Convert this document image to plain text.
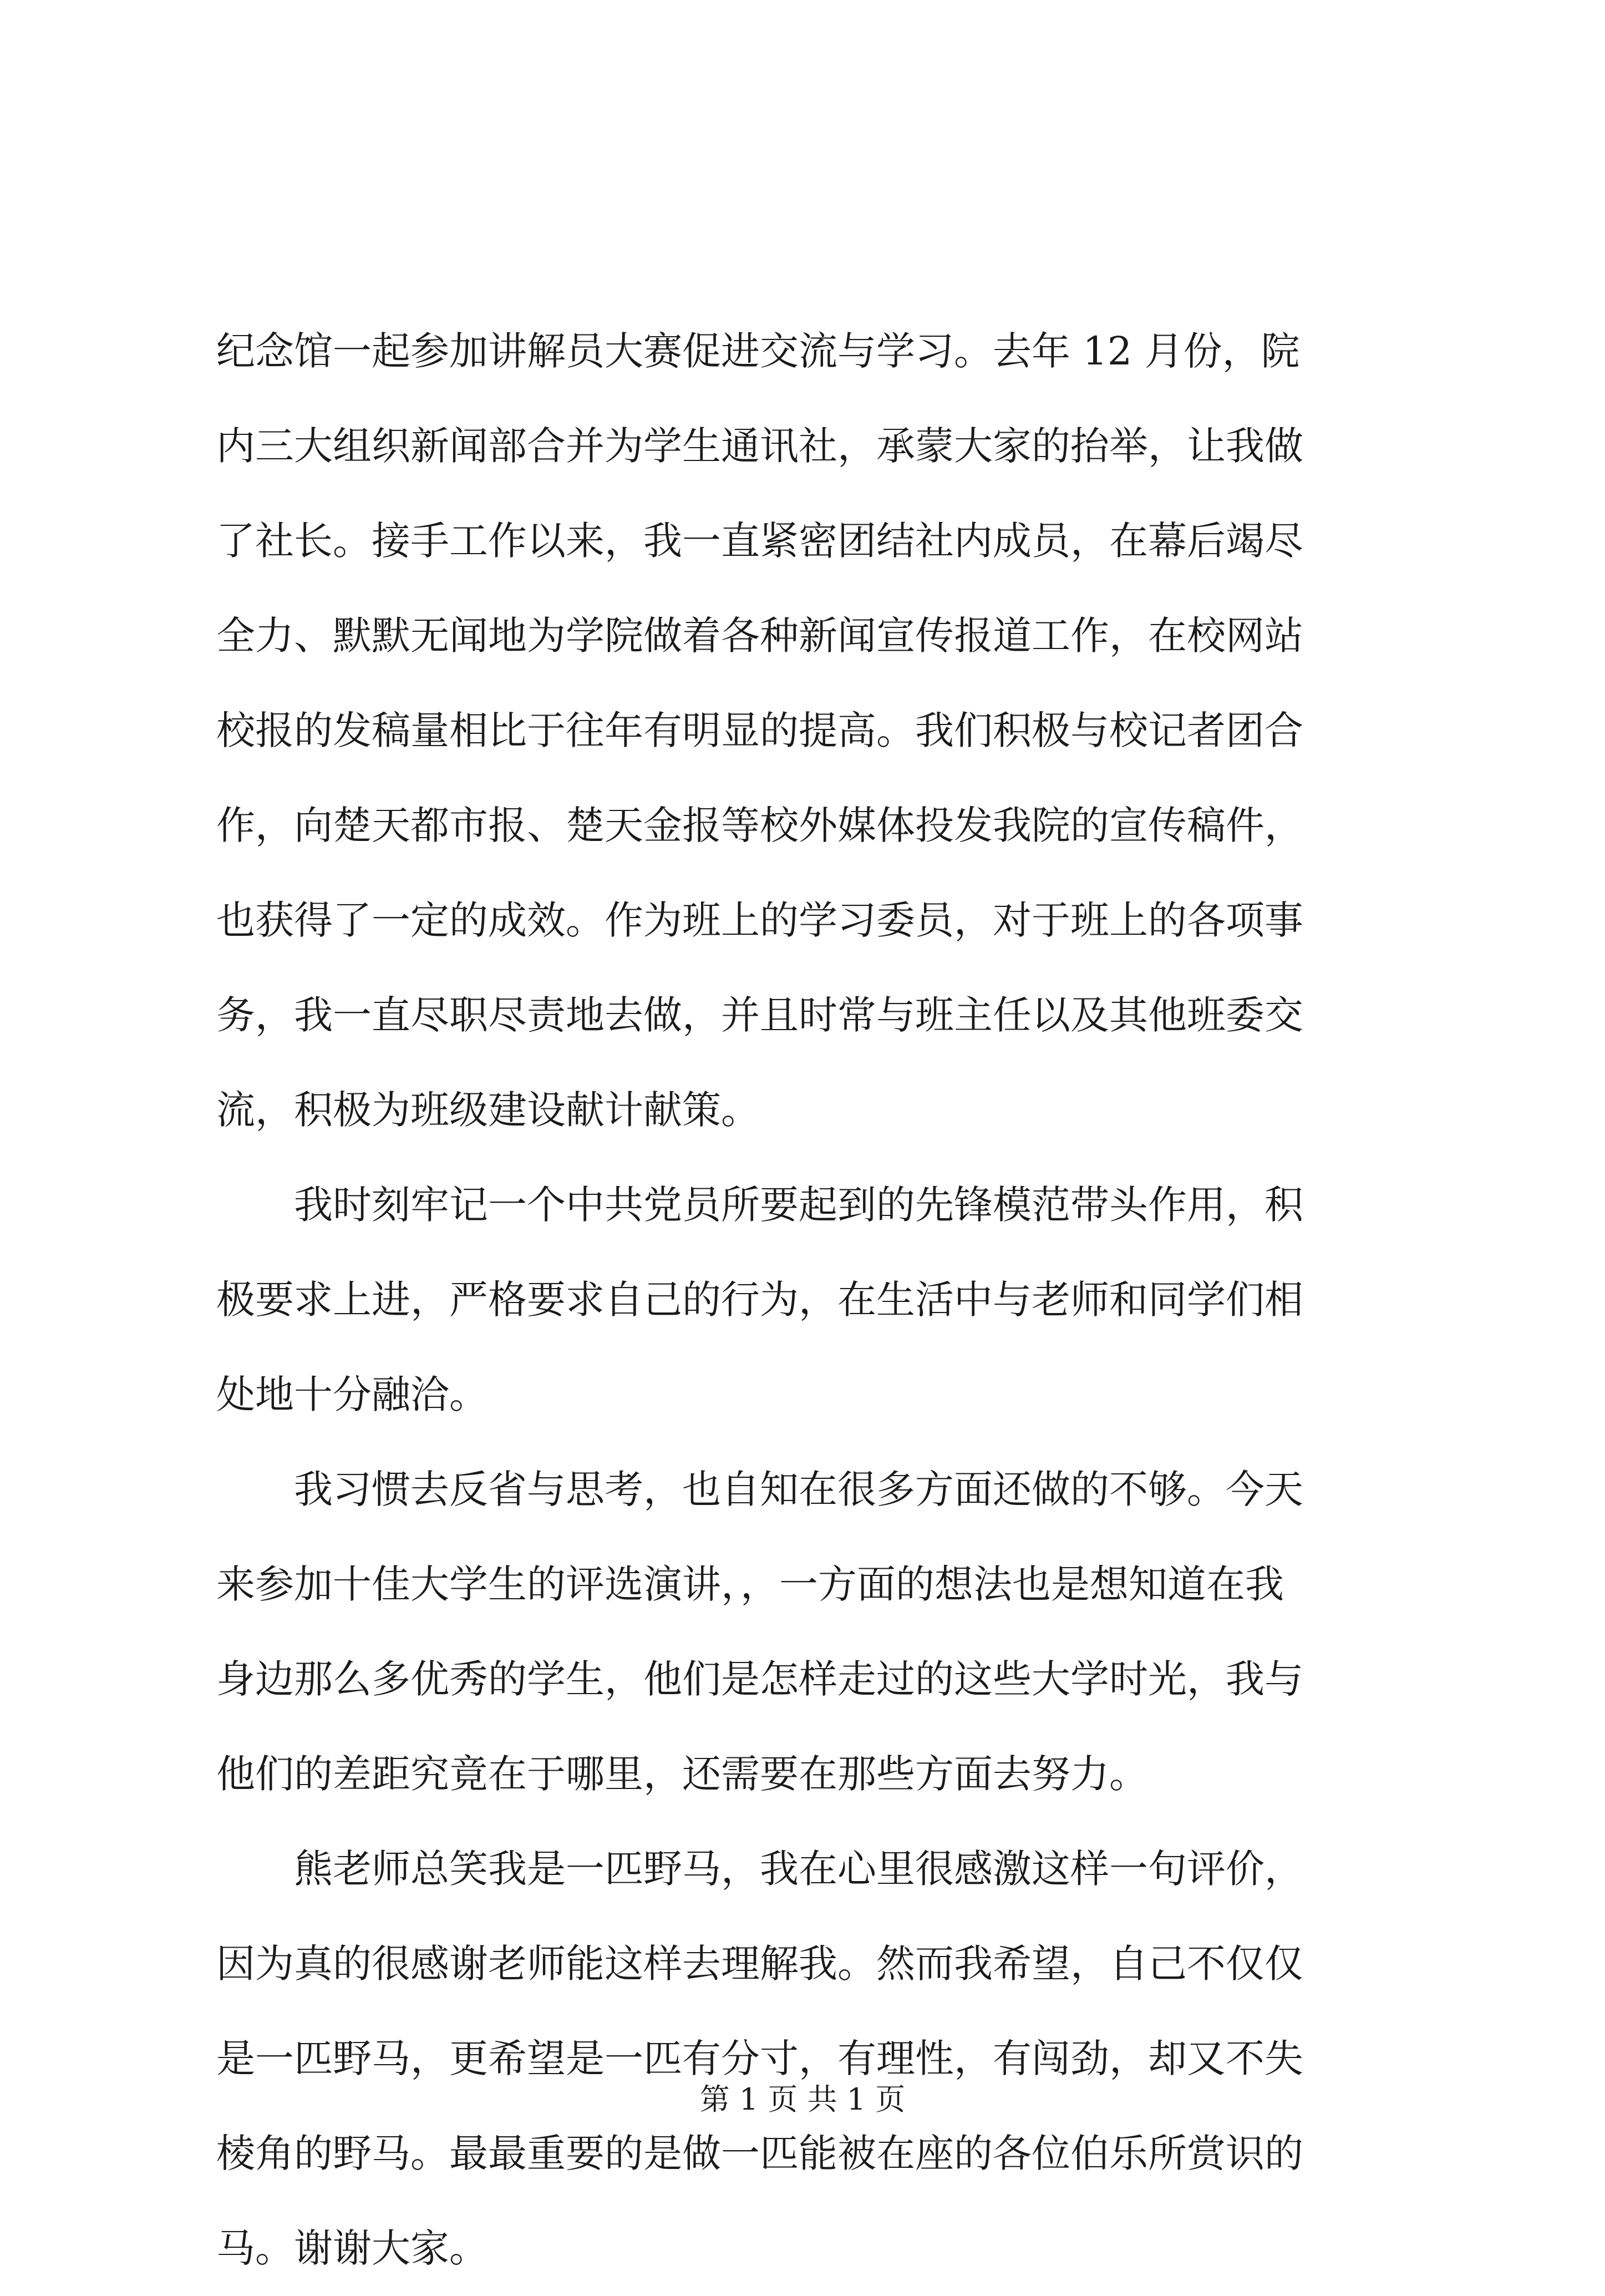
纪念馆一起参加讲解员大赛促进交流与学习。去年 12 月份，院
内三大组织新闻部合并为学生通讯社，承蒙大家的抬举，让我做
了社长。接手工作以来，我一直紧密团结社内成员，在幕后竭尽
全力、默默无闻地为学院做着各种新闻宣传报道工作，在校网站
校报的发稿量相比于往年有明显的提高。我们积极与校记者团合
作，向楚天都市报、楚天金报等校外媒体投发我院的宣传稿件，
也获得了一定的成效。作为班上的学习委员，对于班上的各项事
务，我一直尽职尽责地去做，并且时常与班主任以及其他班委交
流，积极为班级建设献计献策。
　　我时刻牢记一个中共党员所要起到的先锋模范带头作用，积
极要求上进，严格要求自己的行为，在生活中与老师和同学们相
处地十分融洽。
　　我习惯去反省与思考，也自知在很多方面还做的不够。今天
来参加十佳大学生的评选演讲，，一方面的想法也是想知道在我
身边那么多优秀的学生，他们是怎样走过的这些大学时光，我与
他们的差距究竟在于哪里，还需要在那些方面去努力。
　　熊老师总笑我是一匹野马，我在心里很感激这样一句评价，
因为真的很感谢老师能这样去理解我。然而我希望，自己不仅仅
是一匹野马，更希望是一匹有分寸，有理性，有闯劲，却又不失
棱角的野马。最最重要的是做一匹能被在座的各位伯乐所赏识的
马。谢谢大家。
第 1 页 共 1 页
